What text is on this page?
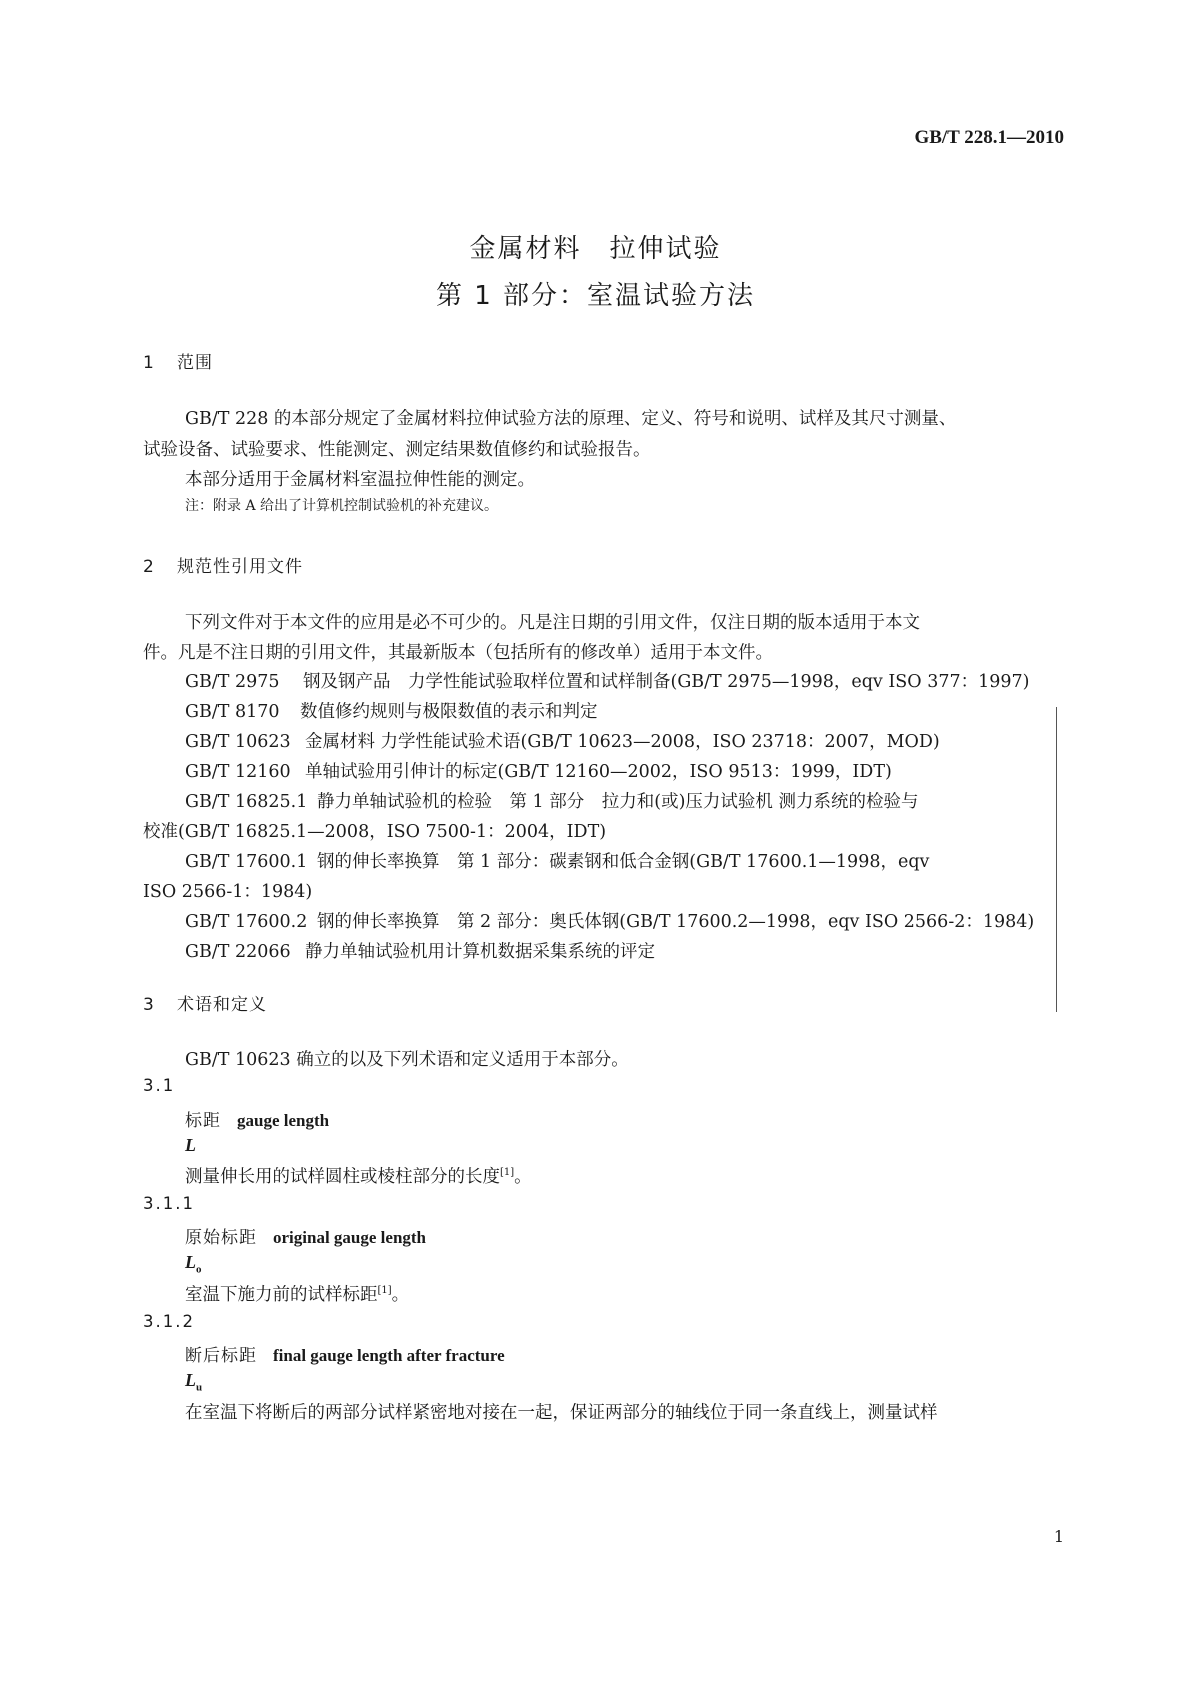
GB/T 228.1—2010
金属材料　拉伸试验
第 1 部分：室温试验方法
1 范围
GB/T 228 的本部分规定了金属材料拉伸试验方法的原理、定义、符号和说明、试样及其尺寸测量、
试验设备、试验要求、性能测定、测定结果数值修约和试验报告。
本部分适用于金属材料室温拉伸性能的测定。
注：附录 A 给出了计算机控制试验机的补充建议。
2 规范性引用文件
下列文件对于本文件的应用是必不可少的。凡是注日期的引用文件，仅注日期的版本适用于本文
件。凡是不注日期的引用文件，其最新版本（包括所有的修改单）适用于本文件。
GB/T 2975 钢及钢产品　力学性能试验取样位置和试样制备(GB/T 2975—1998，eqv ISO 377：1997)
GB/T 8170 数值修约规则与极限数值的表示和判定
GB/T 10623 金属材料 力学性能试验术语(GB/T 10623—2008，ISO 23718：2007，MOD)
GB/T 12160 单轴试验用引伸计的标定(GB/T 12160—2002，ISO 9513：1999，IDT)
GB/T 16825.1 静力单轴试验机的检验　第 1 部分　拉力和(或)压力试验机 测力系统的检验与
校准(GB/T 16825.1—2008，ISO 7500-1：2004，IDT)
GB/T 17600.1 钢的伸长率换算　第 1 部分：碳素钢和低合金钢(GB/T 17600.1—1998，eqv
ISO 2566-1：1984)
GB/T 17600.2 钢的伸长率换算　第 2 部分：奥氏体钢(GB/T 17600.2—1998，eqv ISO 2566-2：1984)
GB/T 22066 静力单轴试验机用计算机数据采集系统的评定
3 术语和定义
GB/T 10623 确立的以及下列术语和定义适用于本部分。
3.1
标距 gauge length
L
测量伸长用的试样圆柱或棱柱部分的长度[1]。
3.1.1
原始标距 original gauge length
$L_o$
室温下施力前的试样标距[1]。
3.1.2
断后标距 final gauge length after fracture
$L_u$
在室温下将断后的两部分试样紧密地对接在一起，保证两部分的轴线位于同一条直线上，测量试样
1
